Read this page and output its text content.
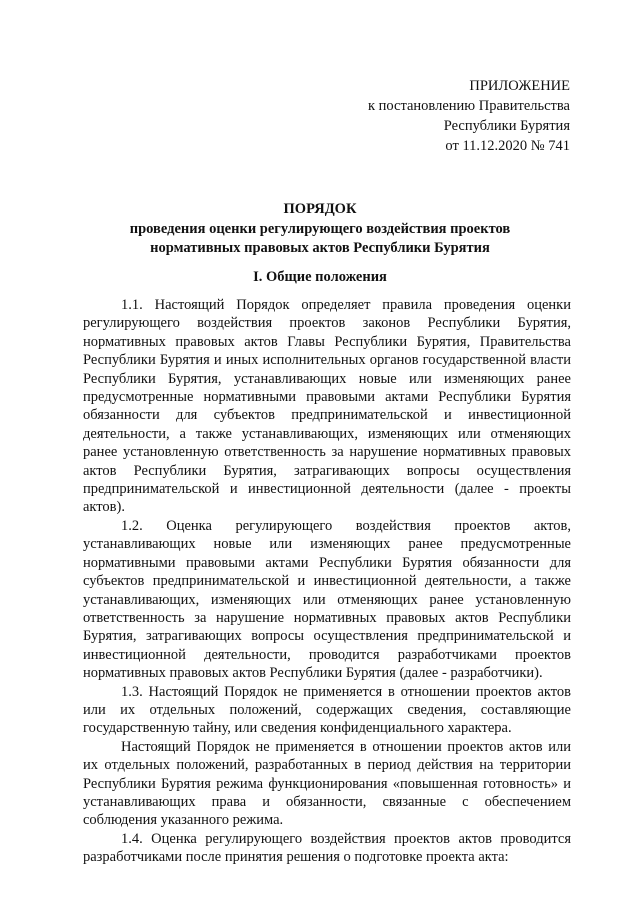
ПРИЛОЖЕНИЕ
к постановлению Правительства
Республики Бурятия
от 11.12.2020 № 741
ПОРЯДОК
проведения оценки регулирующего воздействия проектов
нормативных правовых актов Республики Бурятия
I. Общие положения

1.1. Настоящий Порядок определяет правила проведения оценки регулирующего воздействия проектов законов Республики Бурятия, нормативных правовых актов Главы Республики Бурятия, Правительства Республики Бурятия и иных исполнительных органов государственной власти Республики Бурятия, устанавливающих новые или изменяющих ранее предусмотренные нормативными правовыми актами Республики Бурятия обязанности для субъектов предпринимательской и инвестиционной деятельности, а также устанавливающих, изменяющих или отменяющих ранее установленную ответственность за нарушение нормативных правовых актов Республики Бурятия, затрагивающих вопросы осуществления предпринимательской и инвестиционной деятельности (далее - проекты актов).

1.2. Оценка регулирующего воздействия проектов актов, устанавливающих новые или изменяющих ранее предусмотренные нормативными правовыми актами Республики Бурятия обязанности для субъектов предпринимательской и инвестиционной деятельности, а также устанавливающих, изменяющих или отменяющих ранее установленную ответственность за нарушение нормативных правовых актов Республики Бурятия, затрагивающих вопросы осуществления предпринимательской и инвестиционной деятельности, проводится разработчиками проектов нормативных правовых актов Республики Бурятия (далее - разработчики).

1.3. Настоящий Порядок не применяется в отношении проектов актов или их отдельных положений, содержащих сведения, составляющие государственную тайну, или сведения конфиденциального характера.

Настоящий Порядок не применяется в отношении проектов актов или их отдельных положений, разработанных в период действия на территории Республики Бурятия режима функционирования «повышенная готовность» и устанавливающих права и обязанности, связанные с обеспечением соблюдения указанного режима.

1.4. Оценка регулирующего воздействия проектов актов проводится разработчиками после принятия решения о подготовке проекта акта:
